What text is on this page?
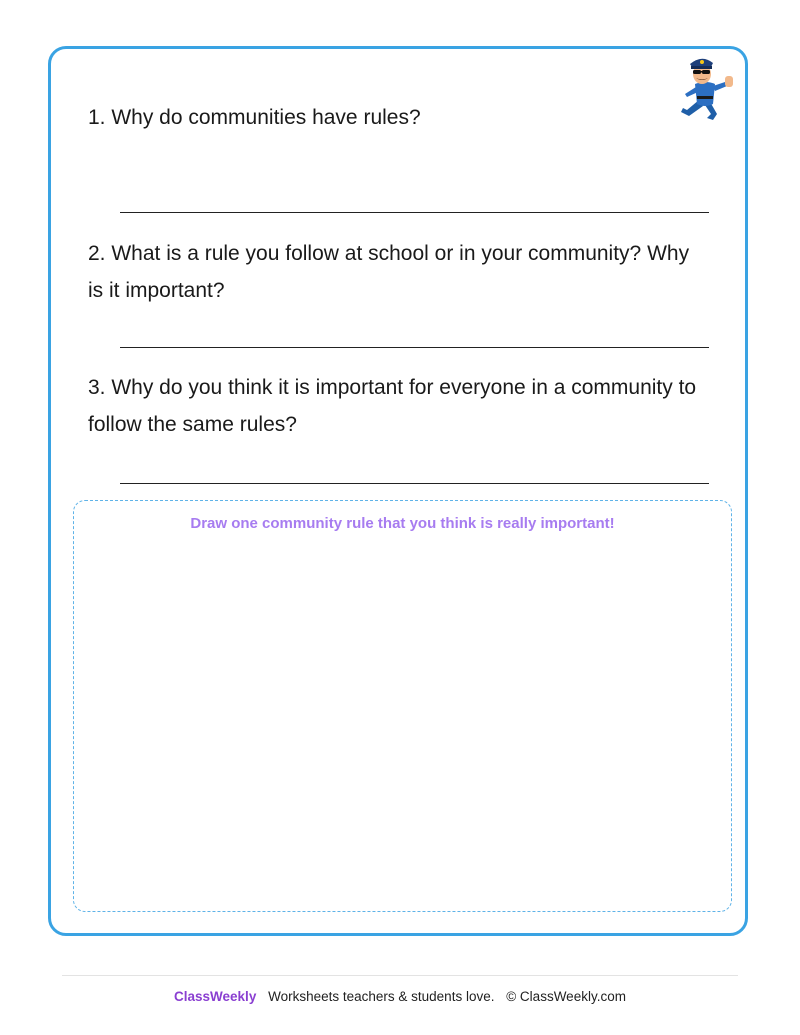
1. Why do communities have rules?
2. What is a rule you follow at school or in your community? Why is it important?
3. Why do you think it is important for everyone in a community to follow the same rules?
Draw one community rule that you think is really important!
ClassWeekly Worksheets teachers & students love. © ClassWeekly.com
